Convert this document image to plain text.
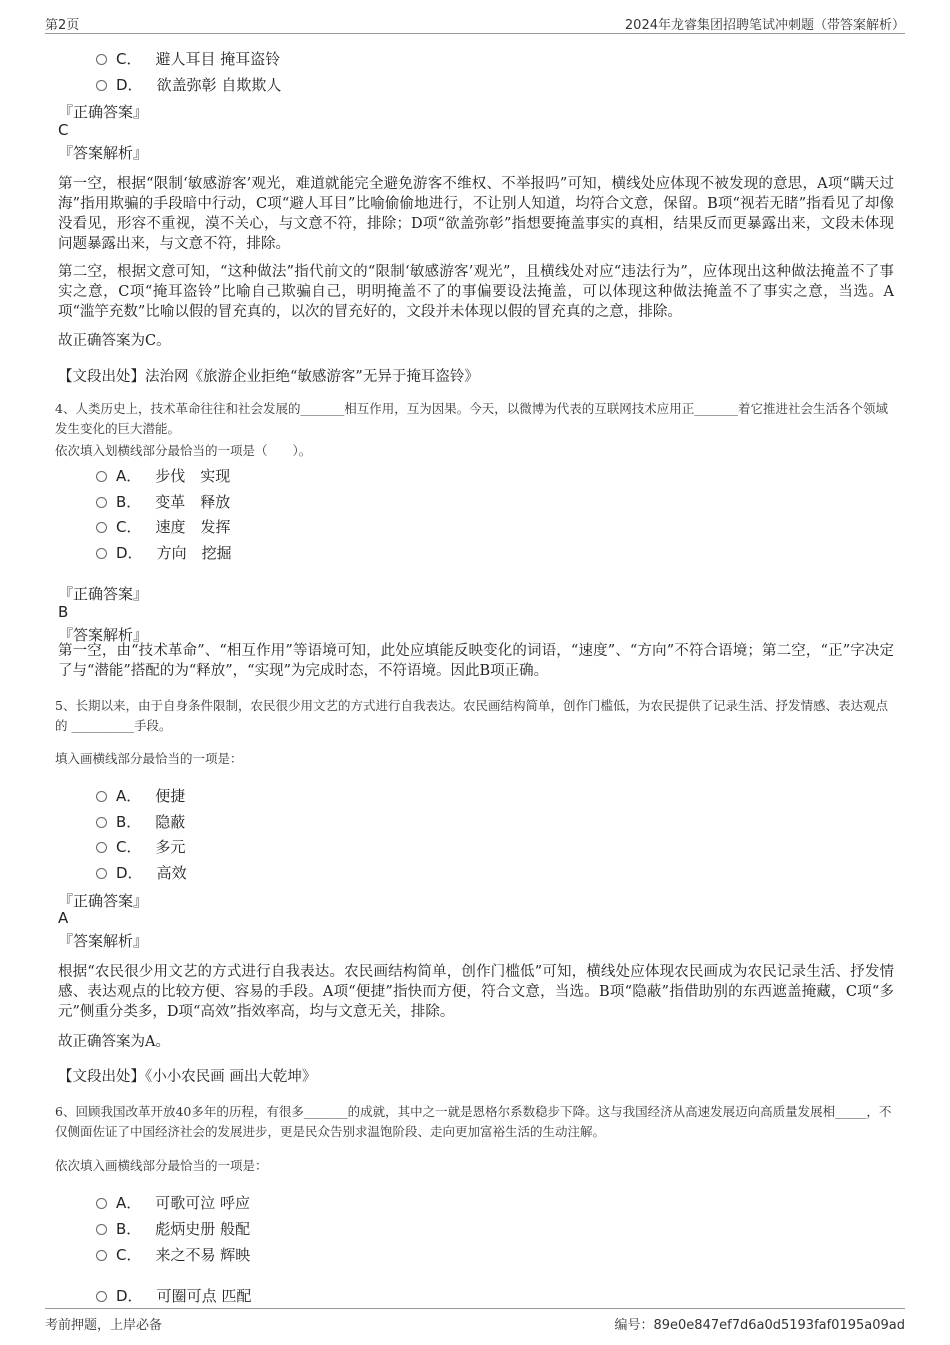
第2页	2024年龙睿集团招聘笔试冲刺题（带答案解析）
C． 避人耳目 掩耳盗铃
D． 欲盖弥彰 自欺欺人
『正确答案』
C
『答案解析』
第一空，根据“限制‘敏感游客’观光，难道就能完全避免游客不维权、不举报吗”可知，横线处应体现不被发现的意思，A项“瞒天过海”指用欺骗的手段暗中行动，C项“避人耳目”比喻偷偷地进行，不让别人知道，均符合文意，保留。B项“视若无睹”指看见了却像没看见，形容不重视，漠不关心，与文意不符，排除；D项“欲盖弥彰”指想要掩盖事实的真相，结果反而更暴露出来，文段未体现问题暴露出来，与文意不符，排除。
第二空，根据文意可知，“这种做法”指代前文的“限制‘敏感游客’观光”，且横线处对应“违法行为”，应体现出这种做法掩盖不了事实之意，C项“掩耳盗铃”比喻自己欺骗自己，明明掩盖不了的事偏要设法掩盖，可以体现这种做法掩盖不了事实之意，当选。A项“滥竽充数”比喻以假的冒充真的，以次的冒充好的，文段并未体现以假的冒充真的之意，排除。
故正确答案为C。
【文段出处】法治网《旅游企业拒绝“敏感游客”无异于掩耳盗铃》
4、人类历史上，技术革命往往和社会发展的_______相互作用，互为因果。今天，以微博为代表的互联网技术应用正_______着它推进社会生活各个领域发生变化的巨大潜能。
依次填入划横线部分最恰当的一项是（　　）。
A． 步伐　实现
B． 变革　释放
C． 速度　发挥
D． 方向　挖掘
『正确答案』
B
『答案解析』
第一空，由“技术革命”、“相互作用”等语境可知，此处应填能反映变化的词语，“速度”、“方向”不符合语境；第二空，“正”字决定了与“潜能”搭配的为“释放”，“实现”为完成时态，不符语境。因此B项正确。
5、长期以来，由于自身条件限制，农民很少用文艺的方式进行自我表达。农民画结构简单，创作门槛低，为农民提供了记录生活、抒发情感、表达观点的 __________手段。
填入画横线部分最恰当的一项是：
A． 便捷
B． 隐蔽
C． 多元
D． 高效
『正确答案』
A
『答案解析』
根据“农民很少用文艺的方式进行自我表达。农民画结构简单，创作门槛低”可知，横线处应体现农民画成为农民记录生活、抒发情感、表达观点的比较方便、容易的手段。A项“便捷”指快而方便，符合文意，当选。B项“隐蔽”指借助别的东西遮盖掩藏，C项“多元”侧重分类多，D项“高效”指效率高，均与文意无关，排除。
故正确答案为A。
【文段出处】《小小农民画 画出大乾坤》
6、回顾我国改革开放40多年的历程，有很多_______的成就，其中之一就是恩格尔系数稳步下降。这与我国经济从高速发展迈向高质量发展相_____，不仅侧面佐证了中国经济社会的发展进步，更是民众告别求温饱阶段、走向更加富裕生活的生动注解。
依次填入画横线部分最恰当的一项是：
A． 可歌可泣 呼应
B． 彪炳史册 般配
C． 来之不易 辉映
D． 可圈可点 匹配
考前押题，上岸必备	编号：89e0e847ef7d6a0d5193faf0195a09ad
